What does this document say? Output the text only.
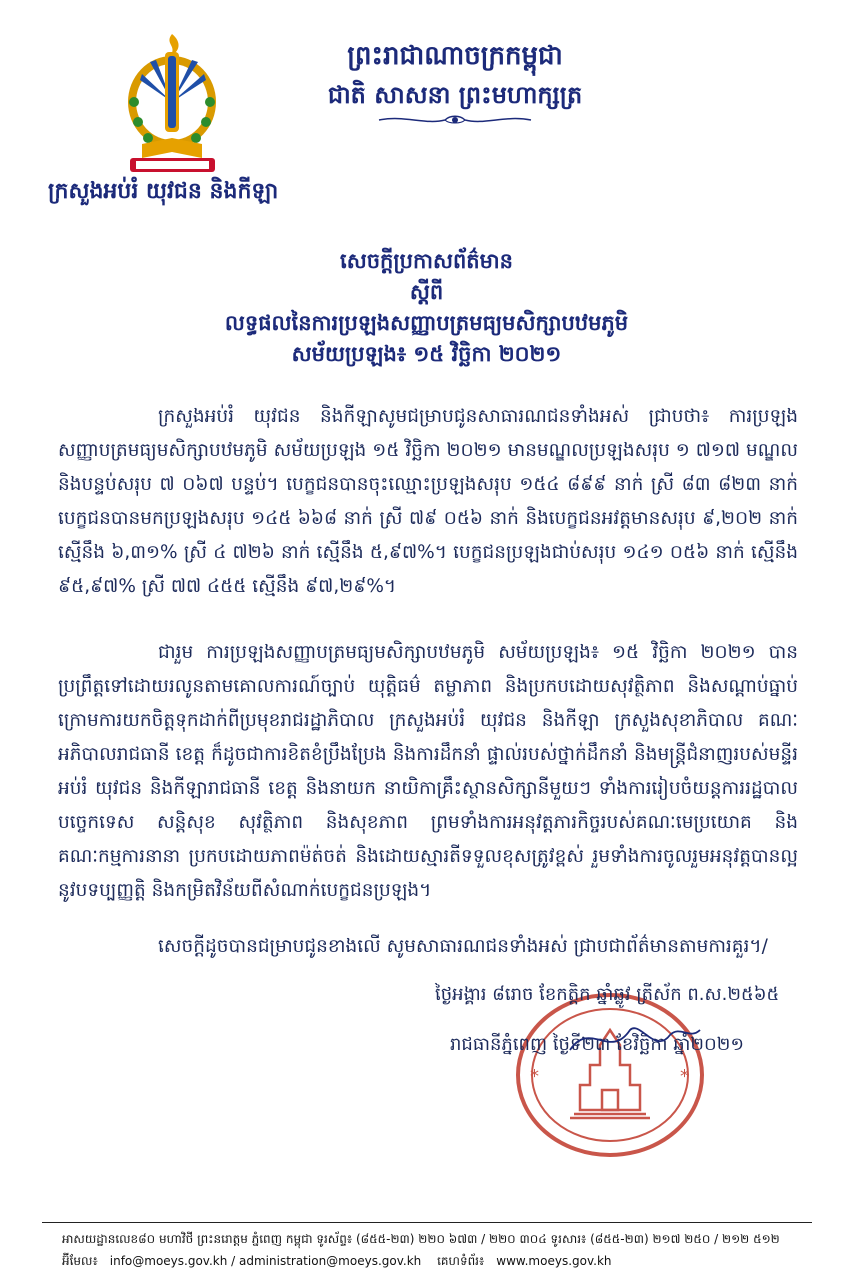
ព្រះរាជាណាចក្រកម្ពុជា
ជាតិ សាសនា ព្រះមហាក្សត្រ
ក្រសួងអប់រំ យុវជន និងកីឡា
សេចក្តីប្រកាសព័ត៌មាន
ស្តីពី
លទ្ធផលនៃការប្រឡងសញ្ញាបត្រមធ្យមសិក្សាបឋមភូមិ
សម័យប្រឡង៖ ១៥ វិច្ឆិកា ២០២១

ក្រសួងអប់រំ យុវជន និងកីឡាសូមជម្រាបជូនសាធារណជនទាំងអស់ ជ្រាបថា៖ ការប្រឡងសញ្ញាបត្រមធ្យមសិក្សាបឋមភូមិ សម័យប្រឡង ១៥ វិច្ឆិកា ២០២១ មានមណ្ឌលប្រឡងសរុប ១ ៧១៧ មណ្ឌល និងបន្ទប់សរុប ៧ ០៦៧ បន្ទប់។ បេក្ខជនបានចុះឈ្មោះប្រឡងសរុប ១៥៤ ៨៩៩ នាក់ ស្រី ៨៣ ៨២៣ នាក់ បេក្ខជនបានមកប្រឡងសរុប ១៤៥ ៦៦៨ នាក់ ស្រី ៧៩ ០៥៦ នាក់ និងបេក្ខជនអវត្តមានសរុប ៩,២០២ នាក់ ស្មើនឹង ៦,៣១% ស្រី ៤ ៧២៦ នាក់ ស្មើនឹង ៥,៩៧%។ បេក្ខជនប្រឡងជាប់សរុប ១៤១ ០៥៦ នាក់ ស្មើនឹង ៩៥,៩៧% ស្រី ៧៧ ៤៥៥ ស្មើនឹង ៩៧,២៩%។

ជារួម ការប្រឡងសញ្ញាបត្រមធ្យមសិក្សាបឋមភូមិ សម័យប្រឡង៖ ១៥ វិច្ឆិកា ២០២១ បានប្រព្រឹត្តទៅដោយរលូនតាមគោលការណ៍ច្បាប់ យុត្តិធម៌ តម្លាភាព និងប្រកបដោយសុវត្ថិភាព និងសណ្តាប់ធ្នាប់ ក្រោមការយកចិត្តទុកដាក់ពីប្រមុខរាជរដ្ឋាភិបាល ក្រសួងអប់រំ យុវជន និងកីឡា ក្រសួងសុខាភិបាល គណៈអភិបាលរាជធានី ខេត្ត ក៏ដូចជាការខិតខំប្រឹងប្រែង និងការដឹកនាំ ផ្ទាល់របស់ថ្នាក់ដឹកនាំ និងមន្ត្រីជំនាញរបស់មន្ទីរអប់រំ យុវជន និងកីឡារាជធានី ខេត្ត និងនាយក នាយិកាគ្រឹះស្ថានសិក្សានីមួយៗ ទាំងការរៀបចំយន្តការរដ្ឋបាល បច្ចេកទេស សន្តិសុខ សុវត្ថិភាព និងសុខភាព ព្រមទាំងការអនុវត្តភារកិច្ចរបស់គណៈមេប្រយោគ និងគណៈកម្មការនានា ប្រកបដោយភាពម៉ត់ចត់ និងដោយស្មារតីទទួលខុសត្រូវខ្ពស់ រួមទាំងការចូលរួមអនុវត្តបានល្អនូវបទប្បញ្ញត្តិ និងកម្រិតវិន័យពីសំណាក់បេក្ខជនប្រឡង។

សេចក្តីដូចបានជម្រាបជូនខាងលើ សូមសាធារណជនទាំងអស់ ជ្រាបជាព័ត៌មានតាមការគួរ។/

*	*
ថ្ងៃអង្គារ ៨រោច ខែកត្តិក ឆ្នាំឆ្លូវ ត្រីស័ក ព.ស.២៥៦៥
រាជធានីភ្នំពេញ ថ្ងៃទី២៣ ខែវិច្ឆិកា ឆ្នាំ២០២១
អាសយដ្ឋានលេខ៨០ មហាវិថី ព្រះនរោត្តម ភ្នំពេញ កម្ពុជា ទូរស័ព្ទ៖ (៨៥៥-២៣) ២២០ ៦៧៣ / ២២០ ៣០៤ ទូរសារ៖ (៨៥៥-២៣) ២១៧ ២៥០ / ២១២ ៥១២
អ៊ីមែល៖ info@moeys.gov.kh / administration@moeys.gov.kh គេហទំព័រ៖ www.moeys.gov.kh
